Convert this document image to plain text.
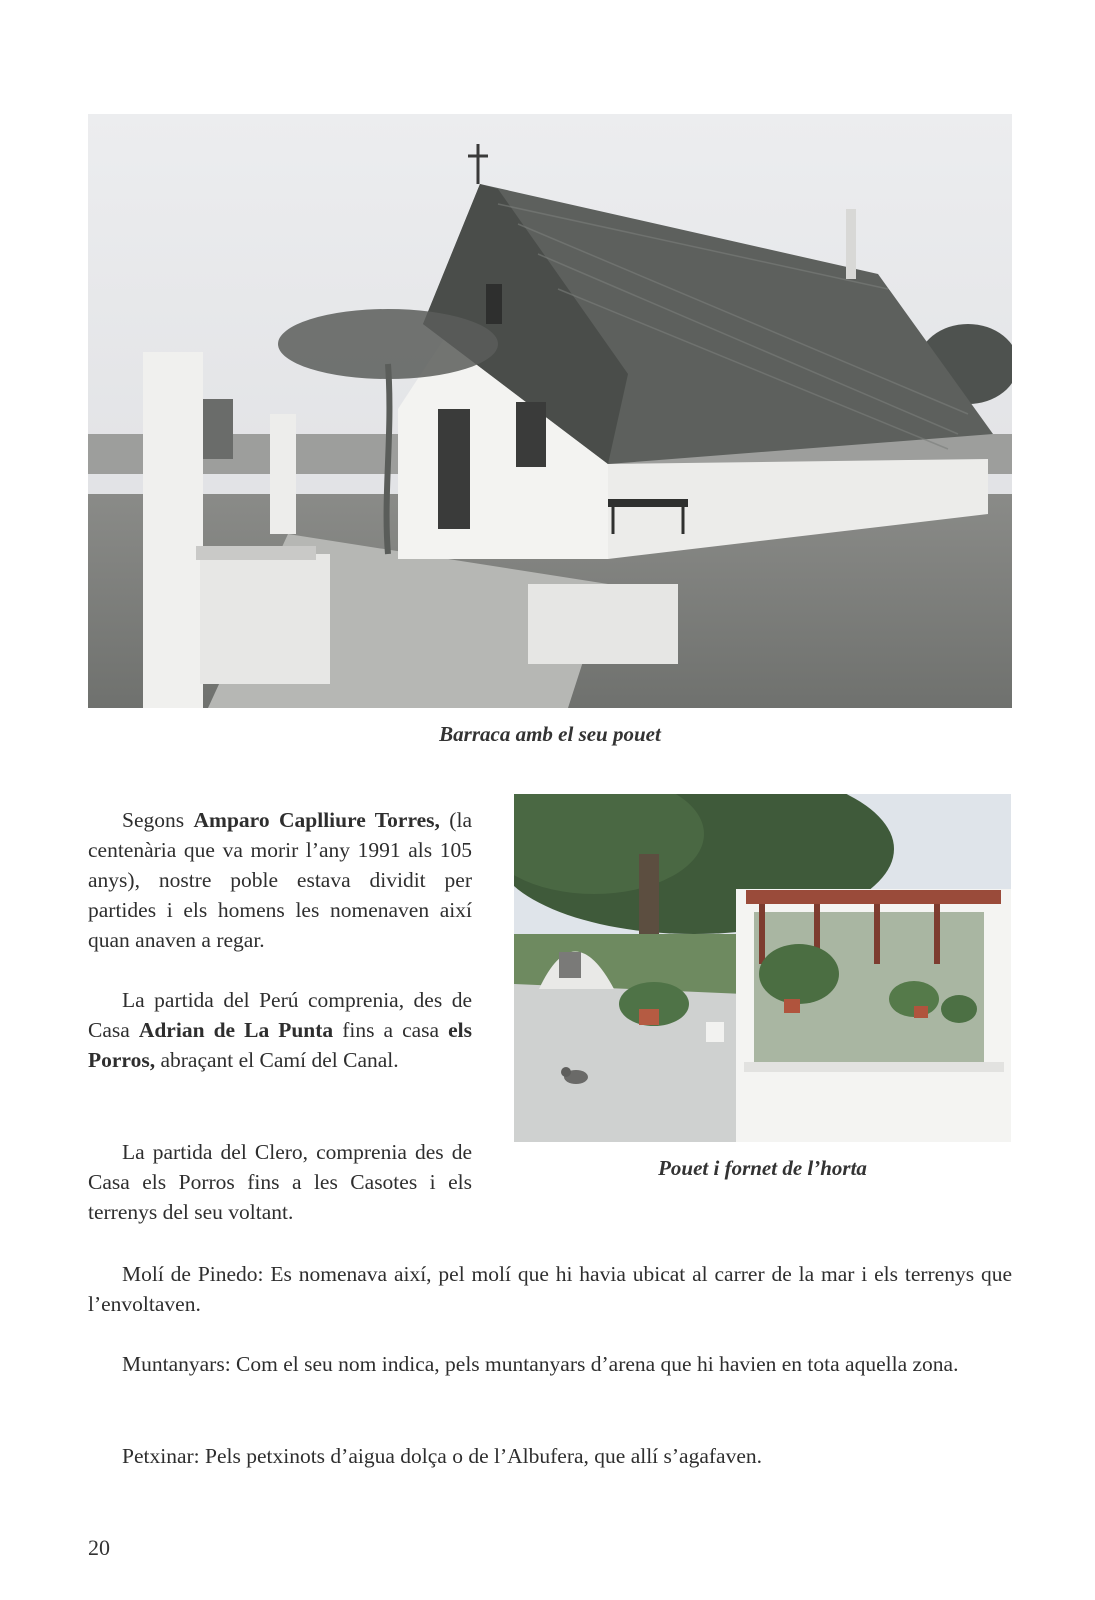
Barraca amb el seu pouet
Pouet i fornet de l’horta

Segons Amparo Caplliure Torres, (la centenària que va morir l’any 1991 als 105 anys), nostre poble estava dividit per partides i els homens les nomenaven així quan anaven a regar.

La partida del Perú comprenia, des de Casa Adrian de La Punta fins a casa els Porros, abraçant el Camí del Canal.

La partida del Clero, comprenia des de Casa els Porros fins a les Casotes i els terrenys del seu voltant.

Molí de Pinedo: Es nomenava així, pel molí que hi havia ubicat al carrer de la mar i els terrenys que l’envoltaven.

Muntanyars: Com el seu nom indica, pels muntanyars d’arena que hi havien en tota aquella zona.

Petxinar: Pels petxinots d’aigua dolça o de l’Albufera, que allí s’agafaven.

20
